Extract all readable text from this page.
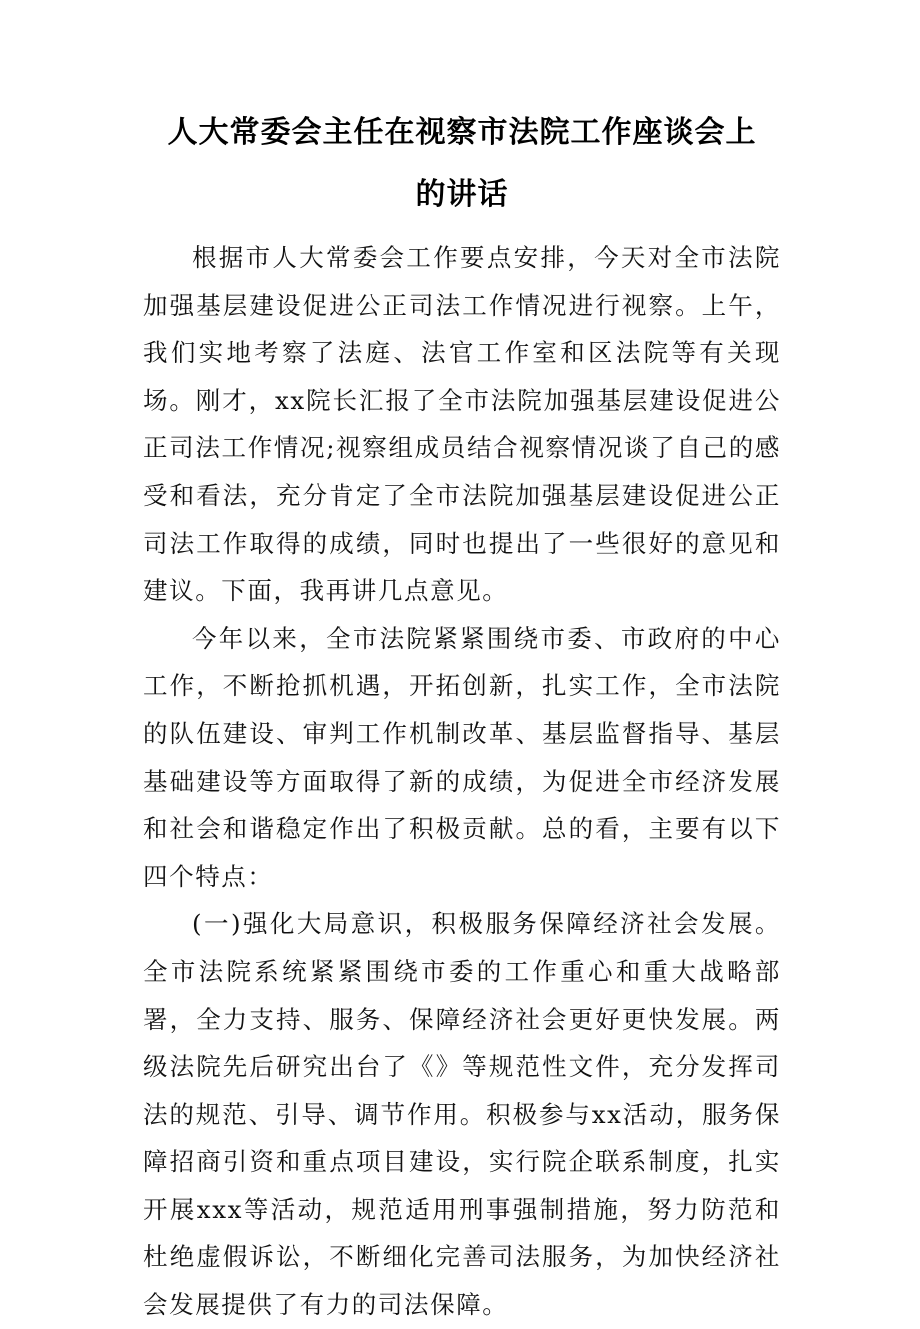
人大常委会主任在视察市法院工作座谈会上
的讲话

根据市人大常委会工作要点安排，今天对全市法院加强基层建设促进公正司法工作情况进行视察。上午，我们实地考察了法庭、法官工作室和区法院等有关现场。刚才，xx院长汇报了全市法院加强基层建设促进公正司法工作情况;视察组成员结合视察情况谈了自己的感受和看法，充分肯定了全市法院加强基层建设促进公正司法工作取得的成绩，同时也提出了一些很好的意见和建议。下面，我再讲几点意见。

今年以来，全市法院紧紧围绕市委、市政府的中心工作，不断抢抓机遇，开拓创新，扎实工作，全市法院的队伍建设、审判工作机制改革、基层监督指导、基层基础建设等方面取得了新的成绩，为促进全市经济发展和社会和谐稳定作出了积极贡献。总的看，主要有以下四个特点：

(一)强化大局意识，积极服务保障经济社会发展。全市法院系统紧紧围绕市委的工作重心和重大战略部署，全力支持、服务、保障经济社会更好更快发展。两级法院先后研究出台了《》等规范性文件，充分发挥司法的规范、引导、调节作用。积极参与xx活动，服务保障招商引资和重点项目建设，实行院企联系制度，扎实开展xxx等活动，规范适用刑事强制措施，努力防范和杜绝虚假诉讼，不断细化完善司法服务，为加快经济社会发展提供了有力的司法保障。
